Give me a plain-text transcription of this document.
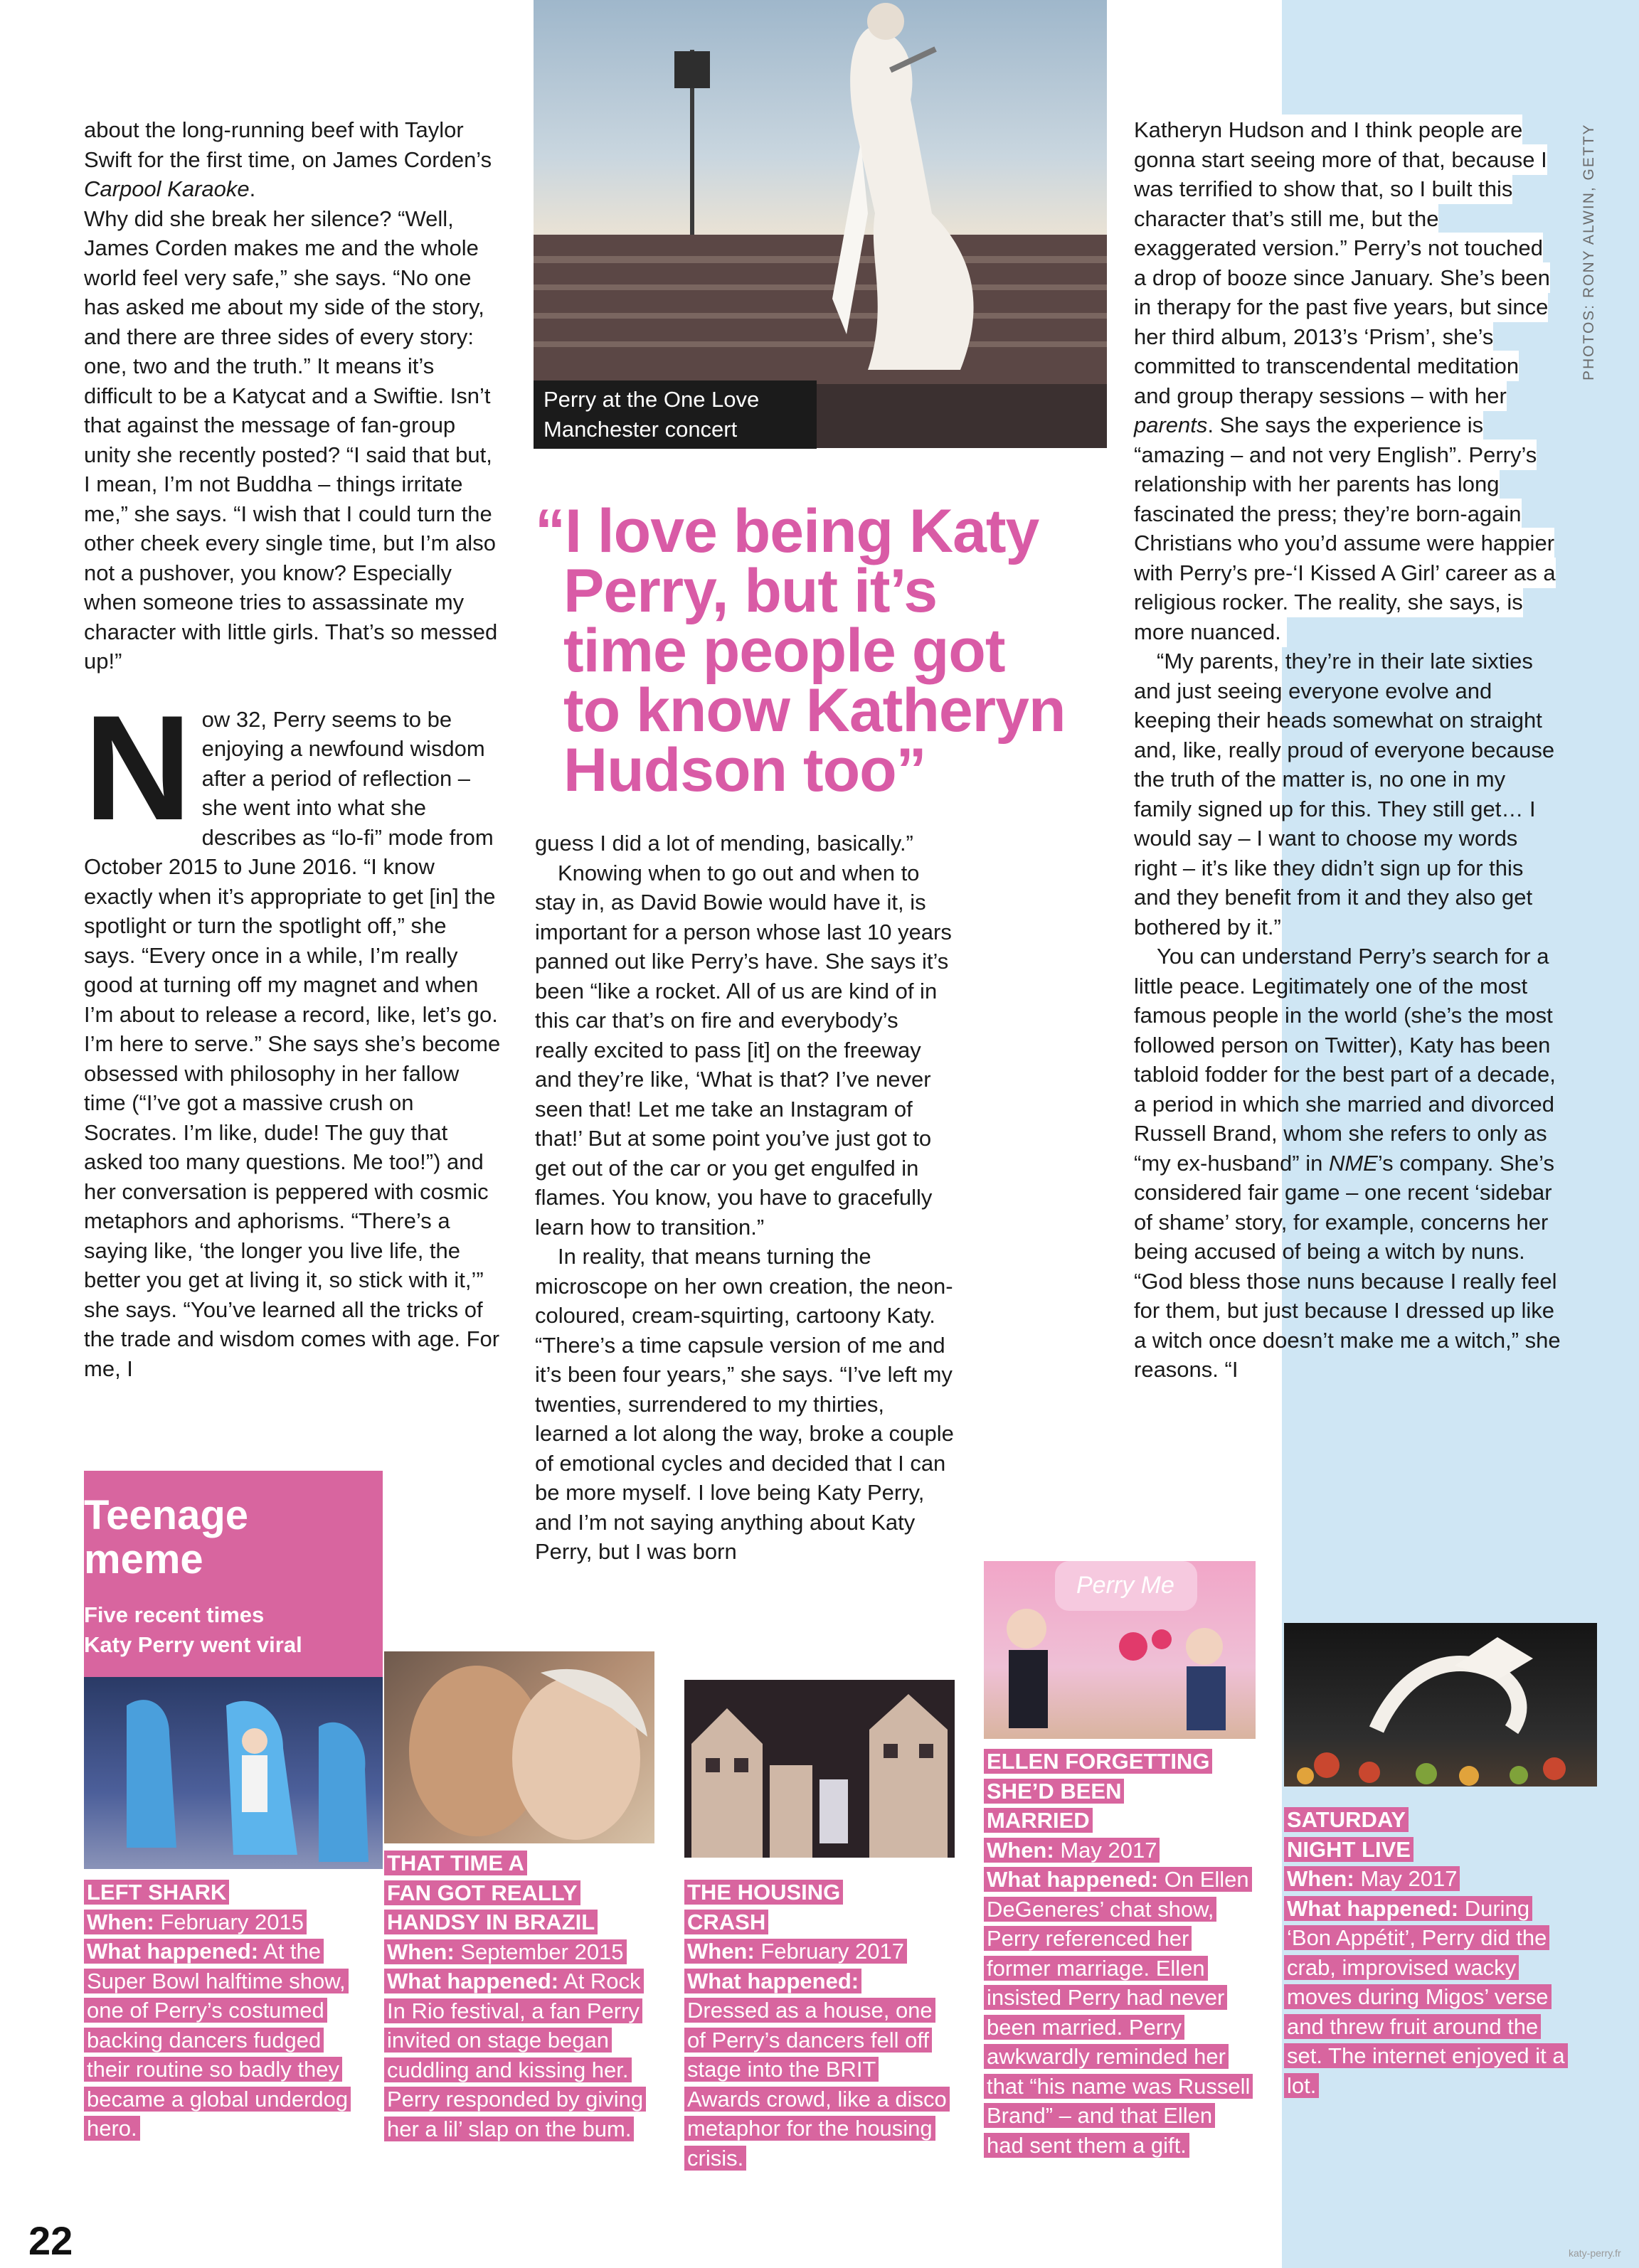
PHOTOS: RONY ALWIN, GETTY
Perry at the One Love
Manchester concert
“I love being Katy
Perry, but it’s
time people got
to know Katheryn
Hudson too”

about the long-running beef with Taylor Swift for the first time, on James Corden’s Carpool Karaoke.

Why did she break her silence? “Well, James Corden makes me and the whole world feel very safe,” she says. “No one has asked me about my side of the story, and there are three sides of every story: one, two and the truth.” It means it’s difficult to be a Katycat and a Swiftie. Isn’t that against the message of fan-group unity she recently posted? “I said that but, I mean, I’m not Buddha – things irritate me,” she says. “I wish that I could turn the other cheek every single time, but I’m also not a pushover, you know? Especially when someone tries to assassinate my character with little girls. That’s so messed up!”

Now 32, Perry seems to be enjoying a newfound wisdom after a period of reflection – she went into what she describes as “lo-fi” mode from October 2015 to June 2016. “I know exactly when it’s appropriate to get [in] the spotlight or turn the spotlight off,” she says. “Every once in a while, I’m really good at turning off my magnet and when I’m about to release a record, like, let’s go. I’m here to serve.” She says she’s become obsessed with philosophy in her fallow time (“I’ve got a massive crush on Socrates. I’m like, dude! The guy that asked too many questions. Me too!”) and her conversation is peppered with cosmic metaphors and aphorisms. “There’s a saying like, ‘the longer you live life, the better you get at living it, so stick with it,’” she says. “You’ve learned all the tricks of the trade and wisdom comes with age. For me, I

guess I did a lot of mending, basically.”

Knowing when to go out and when to stay in, as David Bowie would have it, is important for a person whose last 10 years panned out like Perry’s have. She says it’s been “like a rocket. All of us are kind of in this car that’s on fire and everybody’s really excited to pass [it] on the freeway and they’re like, ‘What is that? I’ve never seen that! Let me take an Instagram of that!’ But at some point you’ve just got to get out of the car or you get engulfed in flames. You know, you have to gracefully learn how to transition.”

In reality, that means turning the microscope on her own creation, the neon-coloured, cream-squirting, cartoony Katy. “There’s a time capsule version of me and it’s been four years,” she says. “I’ve left my twenties, surrendered to my thirties, learned a lot along the way, broke a couple of emotional cycles and decided that I can be more myself. I love being Katy Perry, and I’m not saying anything about Katy Perry, but I was born

Katheryn Hudson and I think people are gonna start seeing more of that, because I was terrified to show that, so I built this character that’s still me, but the exaggerated version.” Perry’s not touched a drop of booze since January. She’s been in therapy for the past five years, but since her third album, 2013’s ‘Prism’, she’s committed to transcendental meditation and group therapy sessions – with her parents. She says the experience is “amazing – and not very English”. Perry’s relationship with her parents has long fascinated the press; they’re born-again Christians who you’d assume were happier with Perry’s pre-‘I Kissed A Girl’ career as a religious rocker. The reality, she says, is more nuanced.

“My parents, they’re in their late sixties and just seeing everyone evolve and keeping their heads somewhat on straight and, like, really proud of everyone because the truth of the matter is, no one in my family signed up for this. They still get… I would say – I want to choose my words right – it’s like they didn’t sign up for this and they benefit from it and they also get bothered by it.”

You can understand Perry’s search for a little peace. Legitimately one of the most famous people in the world (she’s the most followed person on Twitter), Katy has been tabloid fodder for the best part of a decade, a period in which she married and divorced Russell Brand, whom she refers to only as “my ex-husband” in NME’s company. She’s considered fair game – one recent ‘sidebar of shame’ story, for example, concerns her being accused of being a witch by nuns. “God bless those nuns because I really feel for them, but just because I dressed up like a witch once doesn’t make me a witch,” she reasons. “I

Teenage
meme
Five recent times
Katy Perry went viral
Perry Me
LEFT SHARK
When: February 2015
What happened: At the Super Bowl halftime show, one of Perry’s costumed backing dancers fudged their routine so badly they became a global underdog hero.
THAT TIME A
FAN GOT REALLY
HANDSY IN BRAZIL
When: September 2015
What happened: At Rock In Rio festival, a fan Perry invited on stage began cuddling and kissing her. Perry responded by giving her a lil’ slap on the bum.
THE HOUSING
CRASH
When: February 2017
What happened:
Dressed as a house, one of Perry’s dancers fell off stage into the BRIT Awards crowd, like a disco metaphor for the housing crisis.
ELLEN FORGETTING
SHE’D BEEN
MARRIED
When: May 2017
What happened: On Ellen DeGeneres’ chat show, Perry referenced her former marriage. Ellen insisted Perry had never been married. Perry awkwardly reminded her that “his name was Russell Brand” – and that Ellen had sent them a gift.
SATURDAY
NIGHT LIVE
When: May 2017
What happened: During ‘Bon Appétit’, Perry did the crab, improvised wacky moves during Migos’ verse and threw fruit around the set. The internet enjoyed it a lot.
22	katy-perry.fr
